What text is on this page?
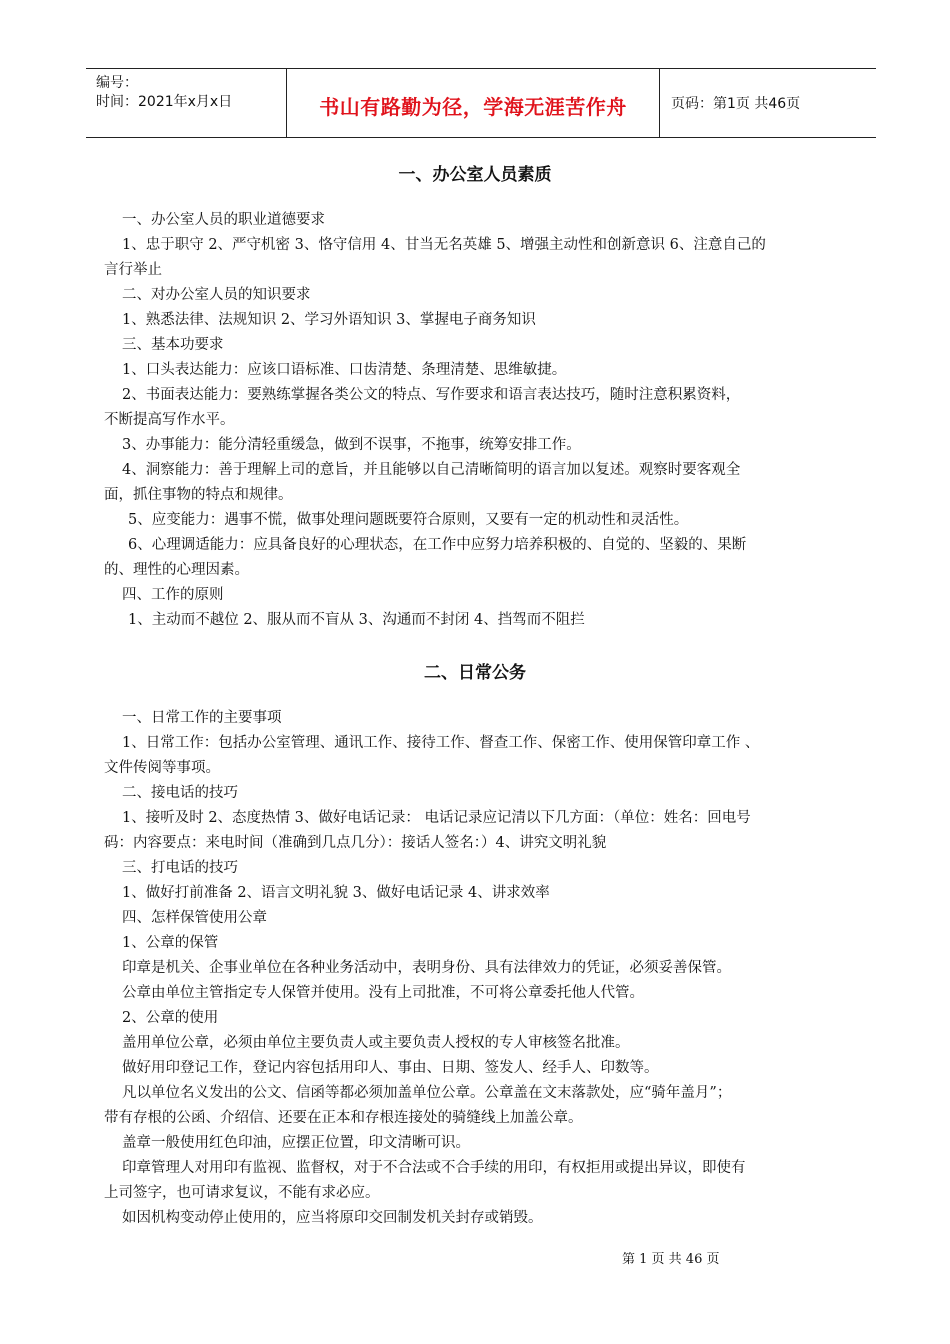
编号：
时间：2021年x月x日	书山有路勤为径，学海无涯苦作舟	页码：第1页 共46页
一、办公室人员素质
一、办公室人员的职业道德要求
1、忠于职守 2、严守机密 3、恪守信用 4、甘当无名英雄 5、增强主动性和创新意识 6、注意自己的
言行举止
二、对办公室人员的知识要求
1、熟悉法律、法规知识 2、学习外语知识 3、掌握电子商务知识
三、基本功要求
1、口头表达能力：应该口语标准、口齿清楚、条理清楚、思维敏捷。
2、书面表达能力：要熟练掌握各类公文的特点、写作要求和语言表达技巧，随时注意积累资料，
不断提高写作水平。
3、办事能力：能分清轻重缓急，做到不误事，不拖事，统筹安排工作。
4、洞察能力：善于理解上司的意旨，并且能够以自己清晰简明的语言加以复述。观察时要客观全
面，抓住事物的特点和规律。
5、应变能力：遇事不慌，做事处理问题既要符合原则，又要有一定的机动性和灵活性。
6、心理调适能力：应具备良好的心理状态，在工作中应努力培养积极的、自觉的、坚毅的、果断
的、理性的心理因素。
四、工作的原则
1、主动而不越位 2、服从而不盲从 3、沟通而不封闭 4、挡驾而不阻拦
二、日常公务
一、日常工作的主要事项
1、日常工作：包括办公室管理、通讯工作、接待工作、督查工作、保密工作、使用保管印章工作 、
文件传阅等事项。
二、接电话的技巧
1、接听及时 2、态度热情 3、做好电话记录： 电话记录应记清以下几方面：（单位：姓名：回电号
码：内容要点：来电时间（准确到几点几分）：接话人签名：）4、讲究文明礼貌
三、打电话的技巧
1、做好打前准备 2、语言文明礼貌 3、做好电话记录 4、讲求效率
四、怎样保管使用公章
1、公章的保管
印章是机关、企事业单位在各种业务活动中，表明身份、具有法律效力的凭证，必须妥善保管。
公章由单位主管指定专人保管并使用。没有上司批准，不可将公章委托他人代管。
2、公章的使用
盖用单位公章，必须由单位主要负责人或主要负责人授权的专人审核签名批准。
做好用印登记工作，登记内容包括用印人、事由、日期、签发人、经手人、印数等。
凡以单位名义发出的公文、信函等都必须加盖单位公章。公章盖在文末落款处，应“骑年盖月”；
带有存根的公函、介绍信、还要在正本和存根连接处的骑缝线上加盖公章。
盖章一般使用红色印油，应摆正位置，印文清晰可识。
印章管理人对用印有监视、监督权，对于不合法或不合手续的用印，有权拒用或提出异议，即使有
上司签字，也可请求复议，不能有求必应。
如因机构变动停止使用的，应当将原印交回制发机关封存或销毁。
第 1 页 共 46 页
